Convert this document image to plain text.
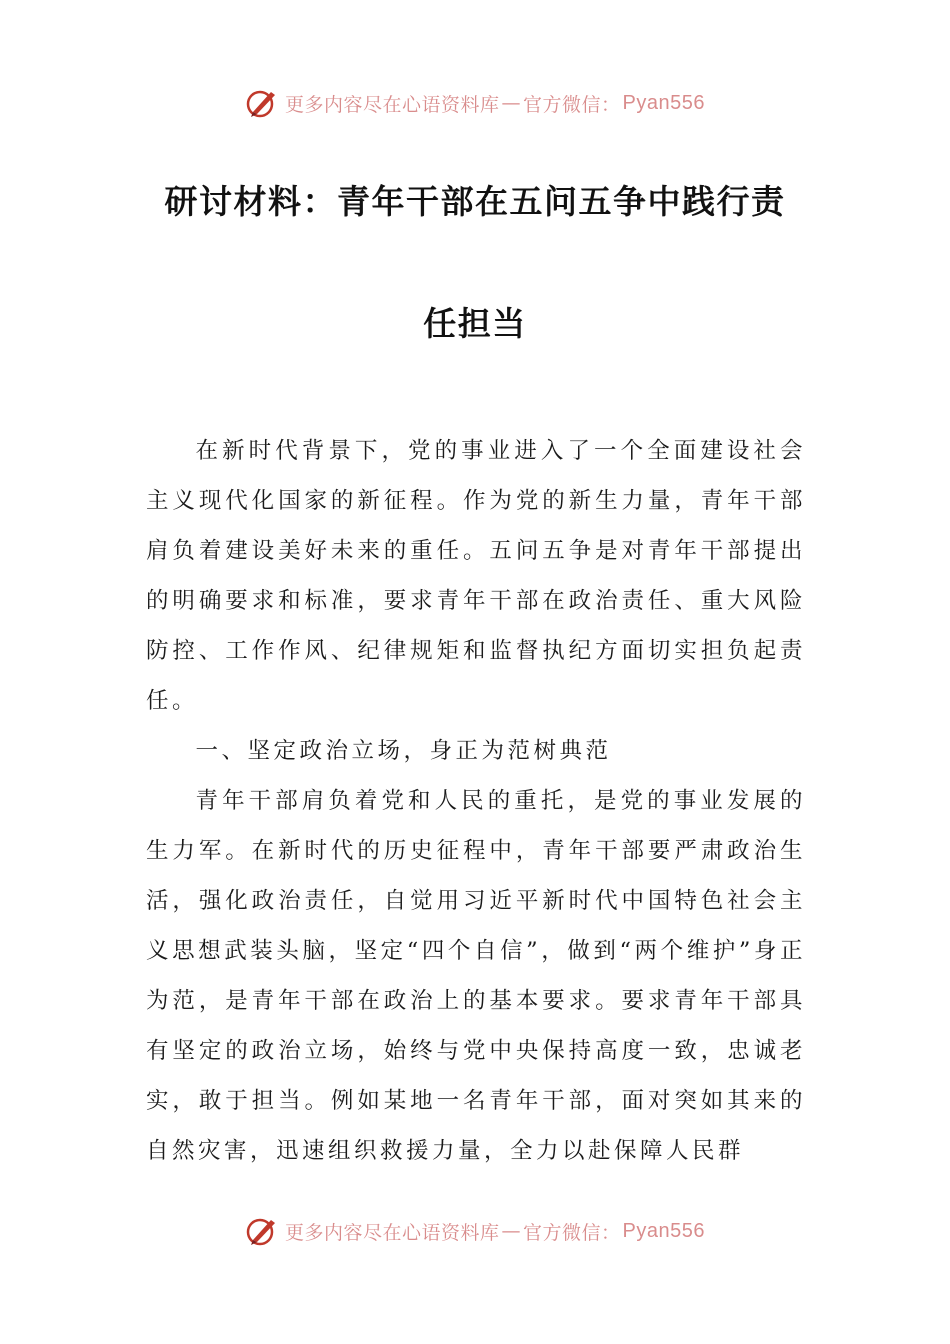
更多内容尽在心语资料库 — 官方微信： Pyan556
研讨材料：青年干部在五问五争中践行责
任担当

在新时代背景下，党的事业进入了一个全面建设社会主义现代化国家的新征程。作为党的新生力量，青年干部肩负着建设美好未来的重任。五问五争是对青年干部提出的明确要求和标准，要求青年干部在政治责任、重大风险防控、工作作风、纪律规矩和监督执纪方面切实担负起责任。

一、坚定政治立场，身正为范树典范

青年干部肩负着党和人民的重托，是党的事业发展的生力军。在新时代的历史征程中，青年干部要严肃政治生活，强化政治责任，自觉用习近平新时代中国特色社会主义思想武装头脑，坚定“四个自信”，做到“两个维护”身正为范，是青年干部在政治上的基本要求。要求青年干部具有坚定的政治立场，始终与党中央保持高度一致，忠诚老实，敢于担当。例如某地一名青年干部，面对突如其来的自然灾害，迅速组织救援力量，全力以赴保障人民群

更多内容尽在心语资料库 — 官方微信： Pyan556
